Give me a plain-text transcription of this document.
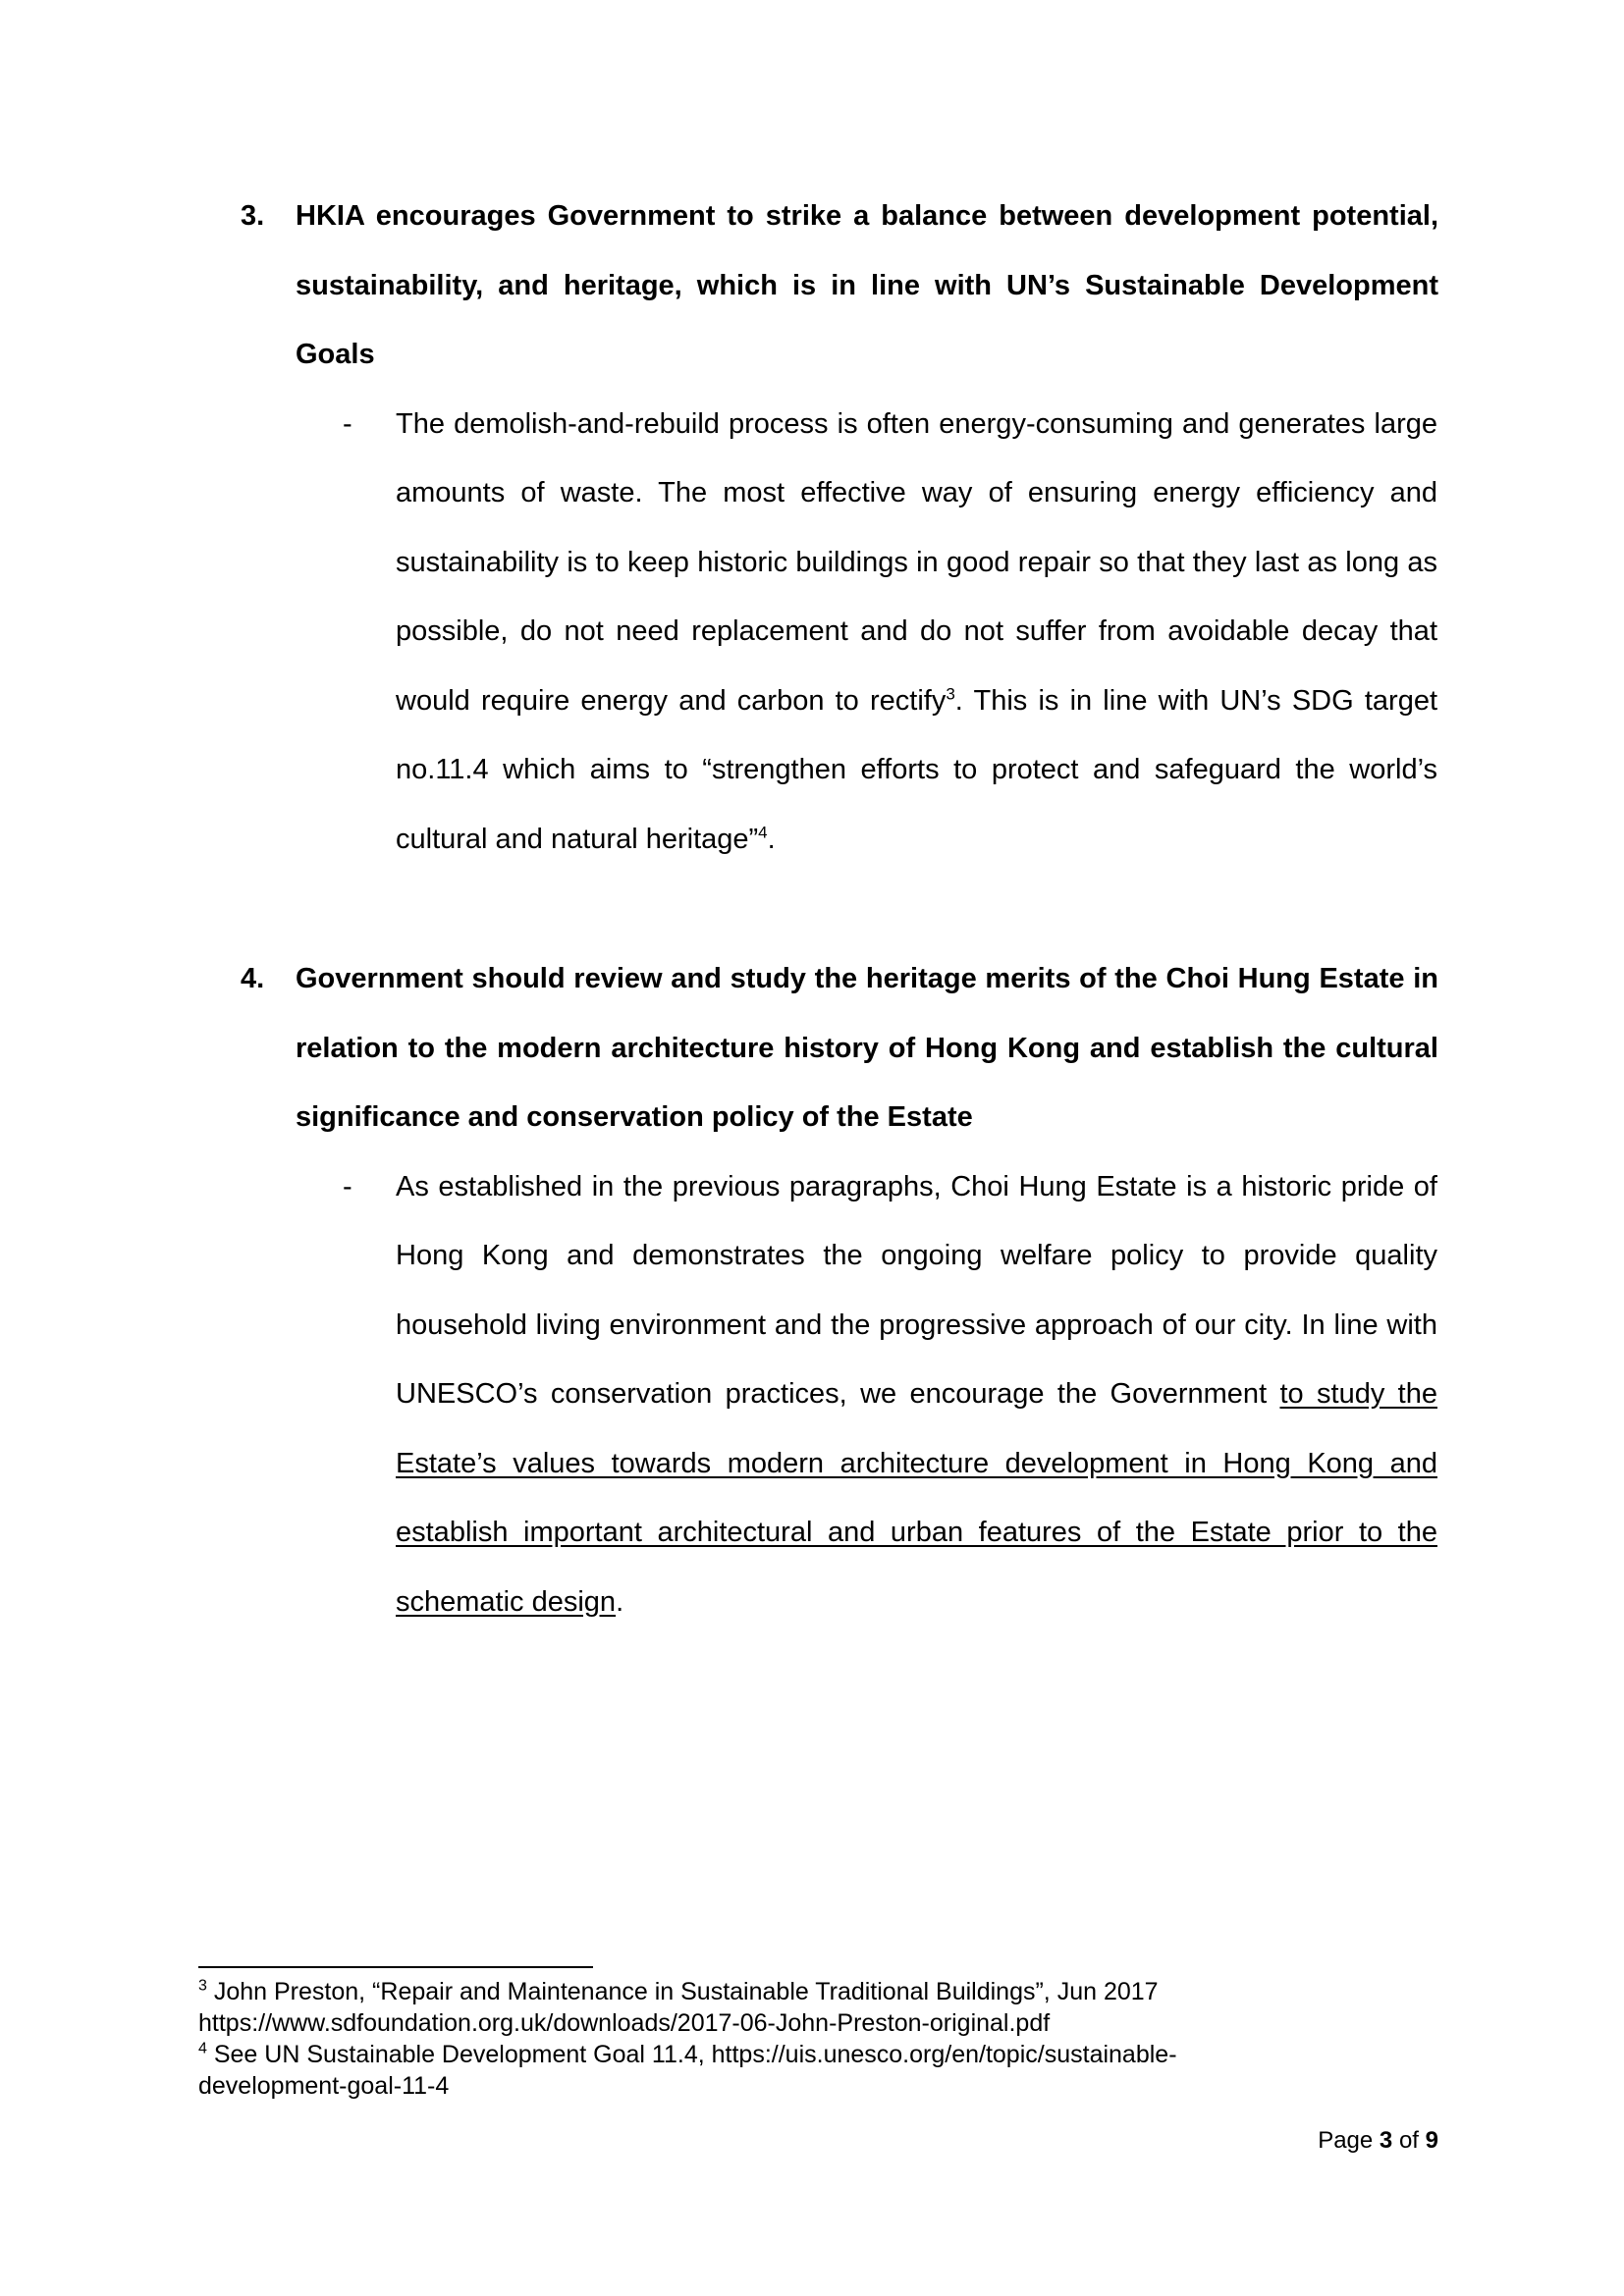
3.	HKIA encourages Government to strike a balance between development potential, sustainability, and heritage, which is in line with UN’s Sustainable Development Goals
-	The demolish-and-rebuild process is often energy-consuming and generates large amounts of waste. The most effective way of ensuring energy efficiency and sustainability is to keep historic buildings in good repair so that they last as long as possible, do not need replacement and do not suffer from avoidable decay that would require energy and carbon to rectify$^3$. This is in line with UN’s SDG target no.11.4 which aims to “strengthen efforts to protect and safeguard the world’s cultural and natural heritage”$^4$.
4.	Government should review and study the heritage merits of the Choi Hung Estate in relation to the modern architecture history of Hong Kong and establish the cultural significance and conservation policy of the Estate
-	As established in the previous paragraphs, Choi Hung Estate is a historic pride of Hong Kong and demonstrates the ongoing welfare policy to provide quality household living environment and the progressive approach of our city. In line with UNESCO’s conservation practices, we encourage the Government to study the Estate’s values towards modern architecture development in Hong Kong and establish important architectural and urban features of the Estate prior to the schematic design.
$^3$ John Preston, “Repair and Maintenance in Sustainable Traditional Buildings”, Jun 2017
https://www.sdfoundation.org.uk/downloads/2017-06-John-Preston-original.pdf
$^4$ See UN Sustainable Development Goal 11.4, https://uis.unesco.org/en/topic/sustainable-
development-goal-11-4
Page 3 of 9
